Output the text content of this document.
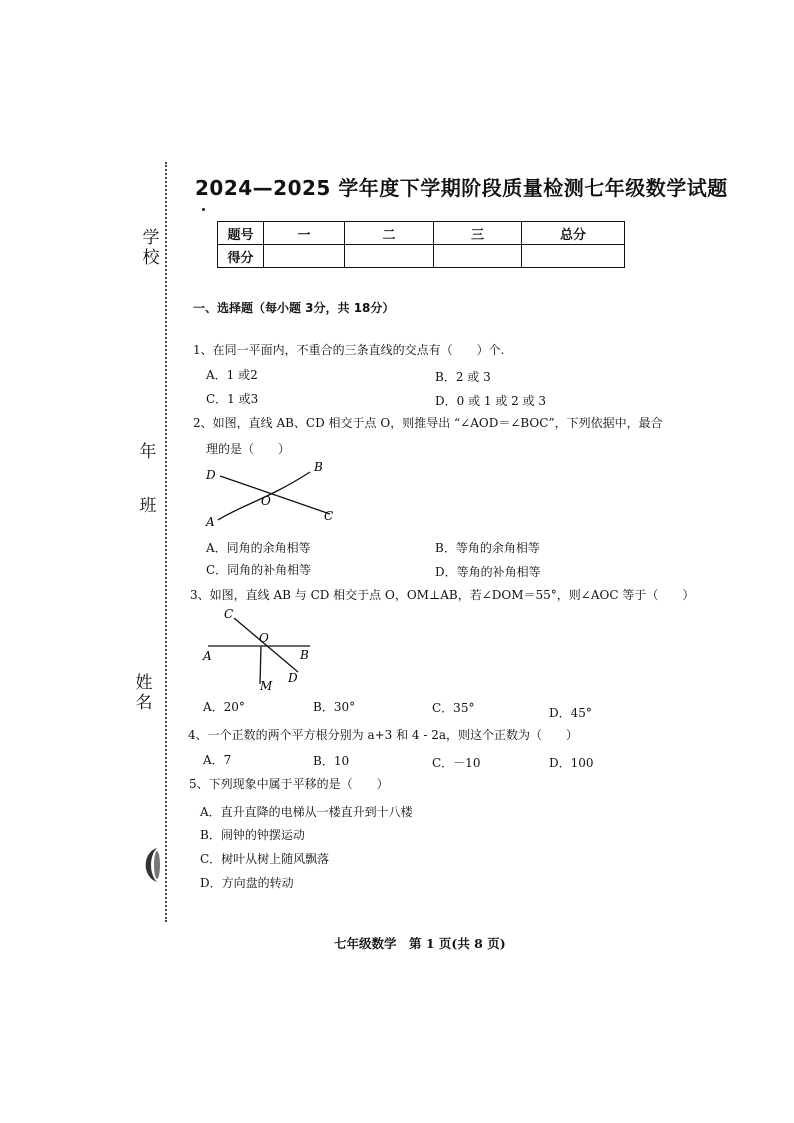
学校
年
班
姓名
2024—2025 学年度下学期阶段质量检测七年级数学试题
题号	一	二	三	总分
得分				
一、选择题（每小题 3分，共 18分）
1、在同一平面内，不重合的三条直线的交点有（　　）个.
A．1 或2	B．2 或 3
C．1 或3	D．0 或 1 或 2 或 3
2、如图，直线 AB、CD 相交于点 O，则推导出 “∠AOD＝∠BOC”，下列依据中，最合
理的是（　　）
D
B
O
A	C
A．同角的余角相等	B．等角的余角相等
C．同角的补角相等	D．等角的补角相等
3、如图，直线 AB 与 CD 相交于点 O，OM⊥AB，若∠DOM＝55°，则∠AOC 等于（　　）
C
O
A	B
D
M
A．20°	B．30°	C．35°	D．45°
4、一个正数的两个平方根分别为 a+3 和 4 - 2a，则这个正数为（　　）
A．7	B．10	C．－10	D．100
5、下列现象中属于平移的是（　　）
A．直升直降的电梯从一楼直升到十八楼
B．闹钟的钟摆运动
C．树叶从树上随风飘落
D．方向盘的转动
七年级数学　第 1 页(共 8 页)
